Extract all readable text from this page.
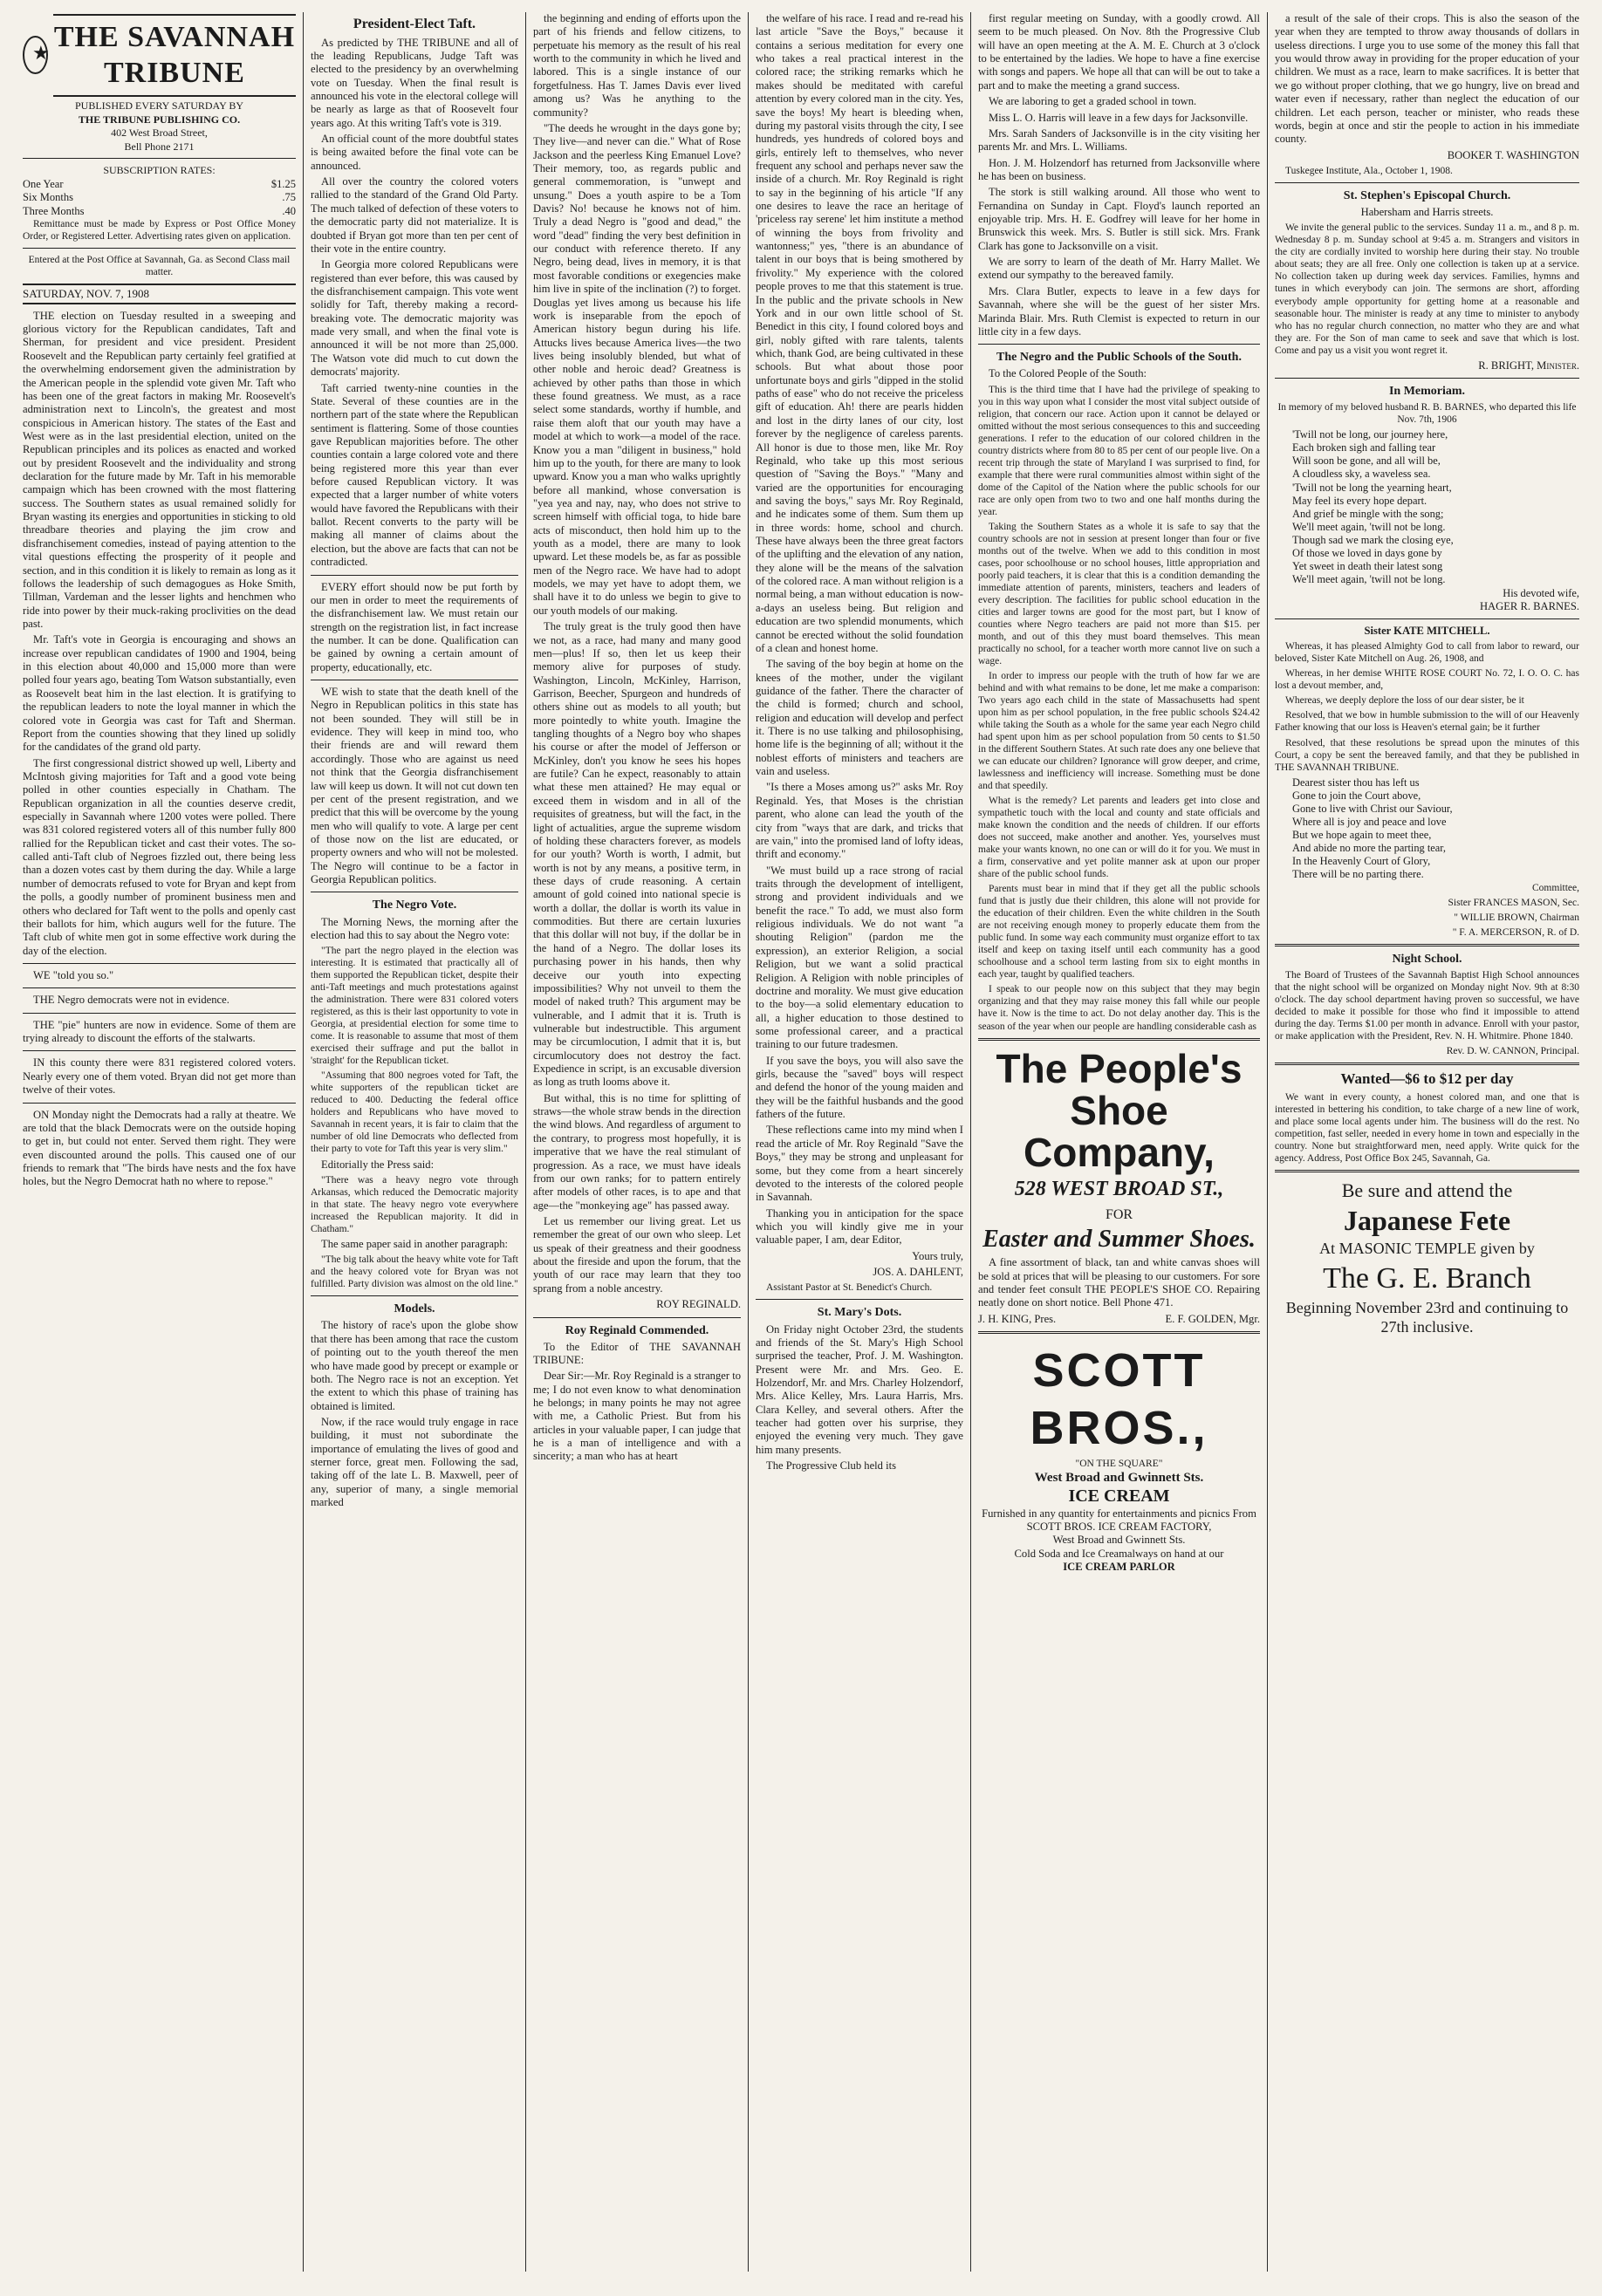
★
THE SAVANNAH TRIBUNE
PUBLISHED EVERY SATURDAY BY
THE TRIBUNE PUBLISHING CO.
402 West Broad Street,
Bell Phone 2171
SUBSCRIPTION RATES:
One Year	$1.25
Six Months	.75
Three Months	.40

Remittance must be made by Express or Post Office Money Order, or Registered Letter. Advertising rates given on application.

Entered at the Post Office at Savannah, Ga. as Second Class mail matter.

SATURDAY, NOV. 7, 1908

THE election on Tuesday resulted in a sweeping and glorious victory for the Republican candidates, Taft and Sherman, for president and vice president. President Roosevelt and the Republican party certainly feel gratified at the overwhelming endorsement given the administration by the American people in the splendid vote given Mr. Taft who has been one of the great factors in making Mr. Roosevelt's administration next to Lincoln's, the greatest and most conspicious in American history. The states of the East and West were as in the last presidential election, united on the Republican principles and its polices as enacted and worked out by president Roosevelt and the individuality and strong declaration for the future made by Mr. Taft in his memorable campaign which has been crowned with the most flattering success. The Southern states as usual remained solidly for Bryan wasting its energies and opportunities in sticking to old threadbare theories and playing the jim crow and disfranchisement comedies, instead of paying attention to the vital questions effecting the prosperity of it people and section, and in this condition it is likely to remain as long as it follows the leadership of such demagogues as Hoke Smith, Tillman, Vardeman and the lesser lights and henchmen who ride into power by their muck-raking proclivities on the dead past.

Mr. Taft's vote in Georgia is encouraging and shows an increase over republican candidates of 1900 and 1904, being in this election about 40,000 and 15,000 more than were polled four years ago, beating Tom Watson substantially, even as Roosevelt beat him in the last election. It is gratifying to the republican leaders to note the loyal manner in which the colored vote in Georgia was cast for Taft and Sherman. Report from the counties showing that they lined up solidly for the candidates of the grand old party.

The first congressional district showed up well, Liberty and McIntosh giving majorities for Taft and a good vote being polled in other counties especially in Chatham. The Republican organization in all the counties deserve credit, especially in Savannah where 1200 votes were polled. There was 831 colored registered voters all of this number fully 800 rallied for the Republican ticket and cast their votes. The so-called anti-Taft club of Negroes fizzled out, there being less than a dozen votes cast by them during the day. While a large number of democrats refused to vote for Bryan and kept from the polls, a goodly number of prominent business men and others who declared for Taft went to the polls and openly cast their ballots for him, which augurs well for the future. The Taft club of white men got in some effective work during the day of the election.

WE "told you so."

THE Negro democrats were not in evidence.

THE "pie" hunters are now in evidence. Some of them are trying already to discount the efforts of the stalwarts.

IN this county there were 831 registered colored voters. Nearly every one of them voted. Bryan did not get more than twelve of their votes.

ON Monday night the Democrats had a rally at theatre. We are told that the black Democrats were on the outside hoping to get in, but could not enter. Served them right. They were even discounted around the polls. This caused one of our friends to remark that "The birds have nests and the fox have holes, but the Negro Democrat hath no where to repose."

President-Elect Taft.

As predicted by THE TRIBUNE and all of the leading Republicans, Judge Taft was elected to the presidency by an overwhelming vote on Tuesday. When the final result is announced his vote in the electoral college will be nearly as large as that of Roosevelt four years ago. At this writing Taft's vote is 319.

An official count of the more doubtful states is being awaited before the final vote can be announced.

All over the country the colored voters rallied to the standard of the Grand Old Party. The much talked of defection of these voters to the democratic party did not materialize. It is doubted if Bryan got more than ten per cent of their vote in the entire country.

In Georgia more colored Republicans were registered than ever before, this was caused by the disfranchisement campaign. This vote went solidly for Taft, thereby making a record-breaking vote. The democratic majority was made very small, and when the final vote is announced it will be not more than 25,000. The Watson vote did much to cut down the democrats' majority.

Taft carried twenty-nine counties in the State. Several of these counties are in the northern part of the state where the Republican sentiment is flattering. Some of those counties gave Republican majorities before. The other counties contain a large colored vote and there being registered more this year than ever before caused Republican victory. It was expected that a larger number of white voters would have favored the Republicans with their ballot. Recent converts to the party will be making all manner of claims about the election, but the above are facts that can not be contradicted.

EVERY effort should now be put forth by our men in order to meet the requirements of the disfranchisement law. We must retain our strength on the registration list, in fact increase the number. It can be done. Qualification can be gained by owning a certain amount of property, educationally, etc.

WE wish to state that the death knell of the Negro in Republican politics in this state has not been sounded. They will still be in evidence. They will keep in mind too, who their friends are and will reward them accordingly. Those who are against us need not think that the Georgia disfranchisement law will keep us down. It will not cut down ten per cent of the present registration, and we predict that this will be overcome by the young men who will qualify to vote. A large per cent of those now on the list are educated, or property owners and who will not be molested. The Negro will continue to be a factor in Georgia Republican politics.

The Negro Vote.

The Morning News, the morning after the election had this to say about the Negro vote:

"The part the negro played in the election was interesting. It is estimated that practically all of them supported the Republican ticket, despite their anti-Taft meetings and much protestations against the administration. There were 831 colored voters registered, as this is their last opportunity to vote in Georgia, at presidential election for some time to come. It is reasonable to assume that most of them exercised their suffrage and put the ballot in 'straight' for the Republican ticket.

"Assuming that 800 negroes voted for Taft, the white supporters of the republican ticket are reduced to 400. Deducting the federal office holders and Republicans who have moved to Savannah in recent years, it is fair to claim that the number of old line Democrats who deflected from their party to vote for Taft this year is very slim."

Editorially the Press said:

"There was a heavy negro vote through Arkansas, which reduced the Democratic majority in that state. The heavy negro vote everywhere increased the Republican majority. It did in Chatham."

The same paper said in another paragraph:

"The big talk about the heavy white vote for Taft and the heavy colored vote for Bryan was not fulfilled. Party division was almost on the old line."

Models.

The history of race's upon the globe show that there has been among that race the custom of pointing out to the youth thereof the men who have made good by precept or example or both. The Negro race is not an exception. Yet the extent to which this phase of training has obtained is limited.

Now, if the race would truly engage in race building, it must not subordinate the importance of emulating the lives of good and sterner force, great men. Following the sad, taking off of the late L. B. Maxwell, peer of any, superior of many, a single memorial marked

the beginning and ending of efforts upon the part of his friends and fellow citizens, to perpetuate his memory as the result of his real worth to the community in which he lived and labored. This is a single instance of our forgetfulness. Has T. James Davis ever lived among us? Was he anything to the community?

"The deeds he wrought in the days gone by; They live—and never can die." What of Rose Jackson and the peerless King Emanuel Love? Their memory, too, as regards public and general commemoration, is "unwept and unsung." Does a youth aspire to be a Tom Davis? No! because he knows not of him. Truly a dead Negro is "good and dead," the word "dead" finding the very best definition in our conduct with reference thereto. If any Negro, being dead, lives in memory, it is that most favorable conditions or exegencies make him live in spite of the inclination (?) to forget. Douglas yet lives among us because his life work is inseparable from the epoch of American history begun during his life. Attucks lives because America lives—the two lives being insolubly blended, but what of other noble and heroic dead? Greatness is achieved by other paths than those in which these found greatness. We must, as a race select some standards, worthy if humble, and raise them aloft that our youth may have a model at which to work—a model of the race. Know you a man "diligent in business," hold him up to the youth, for there are many to look upward. Know you a man who walks uprightly before all mankind, whose conversation is "yea yea and nay, nay, who does not strive to screen himself with official toga, to hide bare acts of misconduct, then hold him up to the youth as a model, there are many to look upward. Let these models be, as far as possible men of the Negro race. We have had to adopt models, we may yet have to adopt them, we shall have it to do unless we begin to give to our youth models of our making.

The truly great is the truly good then have we not, as a race, had many and many good men—plus! If so, then let us keep their memory alive for purposes of study. Washington, Lincoln, McKinley, Harrison, Garrison, Beecher, Spurgeon and hundreds of others shine out as models to all youth; but more pointedly to white youth. Imagine the tangling thoughts of a Negro boy who shapes his course or after the model of Jefferson or McKinley, don't you know he sees his hopes are futile? Can he expect, reasonably to attain what these men attained? He may equal or exceed them in wisdom and in all of the requisites of greatness, but will the fact, in the light of actualities, argue the supreme wisdom of holding these characters forever, as models for our youth? Worth is worth, I admit, but worth is not by any means, a positive term, in these days of crude reasoning. A certain amount of gold coined into national specie is worth a dollar, the dollar is worth its value in commodities. But there are certain luxuries that this dollar will not buy, if the dollar be in the hand of a Negro. The dollar loses its purchasing power in his hands, then why deceive our youth into expecting impossibilities? Why not unveil to them the model of naked truth? This argument may be vulnerable, and I admit that it is. Truth is vulnerable but indestructible. This argument may be circumlocution, I admit that it is, but circumlocutory does not destroy the fact. Expedience in script, is an excusable diversion as long as truth looms above it.

But withal, this is no time for splitting of straws—the whole straw bends in the direction the wind blows. And regardless of argument to the contrary, to progress most hopefully, it is imperative that we have the real stimulant of progression. As a race, we must have ideals from our own ranks; for to pattern entirely after models of other races, is to ape and that age—the "monkeying age" has passed away.

Let us remember our living great. Let us remember the great of our own who sleep. Let us speak of their greatness and their goodness about the fireside and upon the forum, that the youth of our race may learn that they too sprang from a noble ancestry.

ROY REGINALD.

Roy Reginald Commended.

To the Editor of THE SAVANNAH TRIBUNE:

Dear Sir:—Mr. Roy Reginald is a stranger to me; I do not even know to what denomination he belongs; in many points he may not agree with me, a Catholic Priest. But from his articles in your valuable paper, I can judge that he is a man of intelligence and with a sincerity; a man who has at heart

the welfare of his race. I read and re-read his last article "Save the Boys," because it contains a serious meditation for every one who takes a real practical interest in the colored race; the striking remarks which he makes should be meditated with careful attention by every colored man in the city. Yes, save the boys! My heart is bleeding when, during my pastoral visits through the city, I see hundreds, yes hundreds of colored boys and girls, entirely left to themselves, who never frequent any school and perhaps never saw the inside of a church. Mr. Roy Reginald is right to say in the beginning of his article "If any one desires to leave the race an heritage of 'priceless ray serene' let him institute a method of winning the boys from frivolity and wantonness;" yes, "there is an abundance of talent in our boys that is being smothered by frivolity." My experience with the colored people proves to me that this statement is true. In the public and the private schools in New York and in our own little school of St. Benedict in this city, I found colored boys and girl, nobly gifted with rare talents, talents which, thank God, are being cultivated in these schools. But what about those poor unfortunate boys and girls "dipped in the stolid paths of ease" who do not receive the priceless gift of education. Ah! there are pearls hidden and lost in the dirty lanes of our city, lost forever by the negligence of careless parents. All honor is due to those men, like Mr. Roy Reginald, who take up this most serious question of "Saving the Boys." "Many and varied are the opportunities for encouraging and saving the boys," says Mr. Roy Reginald, and he indicates some of them. Sum them up in three words: home, school and church. These have always been the three great factors of the uplifting and the elevation of any nation, they alone will be the means of the salvation of the colored race. A man without religion is a normal being, a man without education is now-a-days an useless being. But religion and education are two splendid monuments, which cannot be erected without the solid foundation of a clean and honest home.

The saving of the boy begin at home on the knees of the mother, under the vigilant guidance of the father. There the character of the child is formed; church and school, religion and education will develop and perfect it. There is no use talking and philosophising, home life is the beginning of all; without it the noblest efforts of ministers and teachers are vain and useless.

"Is there a Moses among us?" asks Mr. Roy Reginald. Yes, that Moses is the christian parent, who alone can lead the youth of the city from "ways that are dark, and tricks that are vain," into the promised land of lofty ideas, thrift and economy."

"We must build up a race strong of racial traits through the development of intelligent, strong and provident individuals and we benefit the race." To add, we must also form religious individuals. We do not want "a shouting Religion" (pardon me the expression), an exterior Religion, a social Religion, but we want a solid practical Religion. A Religion with noble principles of doctrine and morality. We must give education to the boy—a solid elementary education to all, a higher education to those destined to some professional career, and a practical training to our future tradesmen.

If you save the boys, you will also save the girls, because the "saved" boys will respect and defend the honor of the young maiden and they will be the faithful husbands and the good fathers of the future.

These reflections came into my mind when I read the article of Mr. Roy Reginald "Save the Boys," they may be strong and unpleasant for some, but they come from a heart sincerely devoted to the interests of the colored people in Savannah.

Thanking you in anticipation for the space which you will kindly give me in your valuable paper, I am, dear Editor,

Yours truly,

JOS. A. DAHLENT,

Assistant Pastor at St. Benedict's Church.

St. Mary's Dots.

On Friday night October 23rd, the students and friends of the St. Mary's High School surprised the teacher, Prof. J. M. Washington. Present were Mr. and Mrs. Geo. E. Holzendorf, Mr. and Mrs. Charley Holzendorf, Mrs. Alice Kelley, Mrs. Laura Harris, Mrs. Clara Kelley, and several others. After the teacher had gotten over his surprise, they enjoyed the evening very much. They gave him many presents.

The Progressive Club held its

first regular meeting on Sunday, with a goodly crowd. All seem to be much pleased. On Nov. 8th the Progressive Club will have an open meeting at the A. M. E. Church at 3 o'clock to be entertained by the ladies. We hope to have a fine exercise with songs and papers. We hope all that can will be out to take a part and to make the meeting a grand success.

We are laboring to get a graded school in town.

Miss L. O. Harris will leave in a few days for Jacksonville.

Mrs. Sarah Sanders of Jacksonville is in the city visiting her parents Mr. and Mrs. L. Williams.

Hon. J. M. Holzendorf has returned from Jacksonville where he has been on business.

The stork is still walking around. All those who went to Fernandina on Sunday in Capt. Floyd's launch reported an enjoyable trip. Mrs. H. E. Godfrey will leave for her home in Brunswick this week. Mrs. S. Butler is still sick. Mrs. Frank Clark has gone to Jacksonville on a visit.

We are sorry to learn of the death of Mr. Harry Mallet. We extend our sympathy to the bereaved family.

Mrs. Clara Butler, expects to leave in a few days for Savannah, where she will be the guest of her sister Mrs. Marinda Blair. Mrs. Ruth Clemist is expected to return in our little city in a few days.

The Negro and the Public Schools of the South.

To the Colored People of the South:

This is the third time that I have had the privilege of speaking to you in this way upon what I consider the most vital subject outside of religion, that concern our race. Action upon it cannot be delayed or omitted without the most serious consequences to this and succeeding generations. I refer to the education of our colored children in the country districts where from 80 to 85 per cent of our people live. On a recent trip through the state of Maryland I was surprised to find, for example that there were rural communities almost within sight of the dome of the Capitol of the Nation where the public schools for our race are only open from two to two and one half months during the year.

Taking the Southern States as a whole it is safe to say that the country schools are not in session at present longer than four or five months out of the twelve. When we add to this condition in most cases, poor schoolhouse or no school houses, little appropriation and poorly paid teachers, it is clear that this is a condition demanding the immediate attention of parents, ministers, teachers and leaders of every description. The facilities for public school education in the cities and larger towns are good for the most part, but I know of counties where Negro teachers are paid not more than $15. per month, and out of this they must board themselves. This mean practically no school, for a teacher worth more cannot live on such a wage.

In order to impress our people with the truth of how far we are behind and with what remains to be done, let me make a comparison: Two years ago each child in the state of Massachusetts had spent upon him as per school population, in the free public schools $24.42 while taking the South as a whole for the same year each Negro child had spent upon him as per school population from 50 cents to $1.50 in the different Southern States. At such rate does any one believe that we can educate our children? Ignorance will grow deeper, and crime, lawlessness and inefficiency will increase. Something must be done and that speedily.

What is the remedy? Let parents and leaders get into close and sympathetic touch with the local and county and state officials and make known the condition and the needs of children. If our efforts does not succeed, make another and another. Yes, yourselves must make your wants known, no one can or will do it for you. We must in a firm, conservative and yet polite manner ask at upon our proper share of the public school funds.

Parents must bear in mind that if they get all the public schools fund that is justly due their children, this alone will not provide for the education of their children. Even the white children in the South are not receiving enough money to properly educate them from the public fund. In some way each community must organize effort to tax itself and keep on taxing itself until each community has a good schoolhouse and a school term lasting from six to eight months in each year, taught by qualified teachers.

I speak to our people now on this subject that they may begin organizing and that they may raise money this fall while our people have it. Now is the time to act. Do not delay another day. This is the season of the year when our people are handling considerable cash as

The People's Shoe Company,
528 WEST BROAD ST.,
FOR
Easter and Summer Shoes.

A fine assortment of black, tan and white canvas shoes will be sold at prices that will be pleasing to our customers. For sore and tender feet consult THE PEOPLE'S SHOE CO. Repairing neatly done on short notice. Bell Phone 471.

J. H. KING, Pres.	E. F. GOLDEN, Mgr.
SCOTT BROS.,
"ON THE SQUARE"
West Broad and Gwinnett Sts.
ICE CREAM
Furnished in any quantity for entertainments and picnics From SCOTT BROS. ICE CREAM FACTORY,
West Broad and Gwinnett Sts.
Cold Soda and Ice Creamalways on hand at our
ICE CREAM PARLOR

a result of the sale of their crops. This is also the season of the year when they are tempted to throw away thousands of dollars in useless directions. I urge you to use some of the money this fall that you would throw away in providing for the proper education of your children. We must as a race, learn to make sacrifices. It is better that we go without proper clothing, that we go hungry, live on bread and water even if necessary, rather than neglect the education of our children. Let each person, teacher or minister, who reads these words, begin at once and stir the people to action in his immediate county.

BOOKER T. WASHINGTON

Tuskegee Institute, Ala., October 1, 1908.

St. Stephen's Episcopal Church.

Habersham and Harris streets.

We invite the general public to the services. Sunday 11 a. m., and 8 p. m. Wednesday 8 p. m. Sunday school at 9:45 a. m. Strangers and visitors in the city are cordially invited to worship here during their stay. No trouble about seats; they are all free. Only one collection is taken up at a service. No collection taken up during week day services. Families, hymns and tunes in which everybody can join. The sermons are short, affording everybody ample opportunity for getting home at a reasonable and seasonable hour. The minister is ready at any time to minister to anybody who has no regular church connection, no matter who they are and what they are. For the Son of man came to seek and save that which is lost. Come and pay us a visit you wont regret it.

R. BRIGHT, Minister.

In Memoriam.

In memory of my beloved husband R. B. BARNES, who departed this life Nov. 7th, 1906

'Twill not be long, our journey here,

Each broken sigh and falling tear

Will soon be gone, and all will be,

A cloudless sky, a waveless sea.

'Twill not be long the yearning heart,

May feel its every hope depart.

And grief be mingle with the song;

We'll meet again, 'twill not be long.

Though sad we mark the closing eye,

Of those we loved in days gone by

Yet sweet in death their latest song

We'll meet again, 'twill not be long.

His devoted wife,

HAGER R. BARNES.

Sister KATE MITCHELL.

Whereas, it has pleased Almighty God to call from labor to reward, our beloved, Sister Kate Mitchell on Aug. 26, 1908, and

Whereas, in her demise WHITE ROSE COURT No. 72, I. O. O. C. has lost a devout member, and,

Whereas, we deeply deplore the loss of our dear sister, be it

Resolved, that we bow in humble submission to the will of our Heavenly Father knowing that our loss is Heaven's eternal gain; be it further

Resolved, that these resolutions be spread upon the minutes of this Court, a copy be sent the bereaved family, and that they be published in THE SAVANNAH TRIBUNE.

Dearest sister thou has left us

Gone to join the Court above,

Gone to live with Christ our Saviour,

Where all is joy and peace and love

But we hope again to meet thee,

And abide no more the parting tear,

In the Heavenly Court of Glory,

There will be no parting there.

Committee,

Sister FRANCES MASON, Sec.

" WILLIE BROWN, Chairman

" F. A. MERCERSON, R. of D.

Night School.

The Board of Trustees of the Savannah Baptist High School announces that the night school will be organized on Monday night Nov. 9th at 8:30 o'clock. The day school department having proven so successful, we have decided to make it possible for those who find it impossible to attend during the day. Terms $1.00 per month in advance. Enroll with your pastor, or make application with the President, Rev. N. H. Whitmire. Phone 1840.

Rev. D. W. CANNON, Principal.

Wanted—$6 to $12 per day

We want in every county, a honest colored man, and one that is interested in bettering his condition, to take charge of a new line of work, and place some local agents under him. The business will do the rest. No competition, fast seller, needed in every home in town and especially in the country. None but straightforward men, need apply. Write quick for the agency. Address, Post Office Box 245, Savannah, Ga.

Be sure and attend the
Japanese Fete
At MASONIC TEMPLE given by
The G. E. Branch
Beginning November 23rd and continuing to 27th inclusive.
